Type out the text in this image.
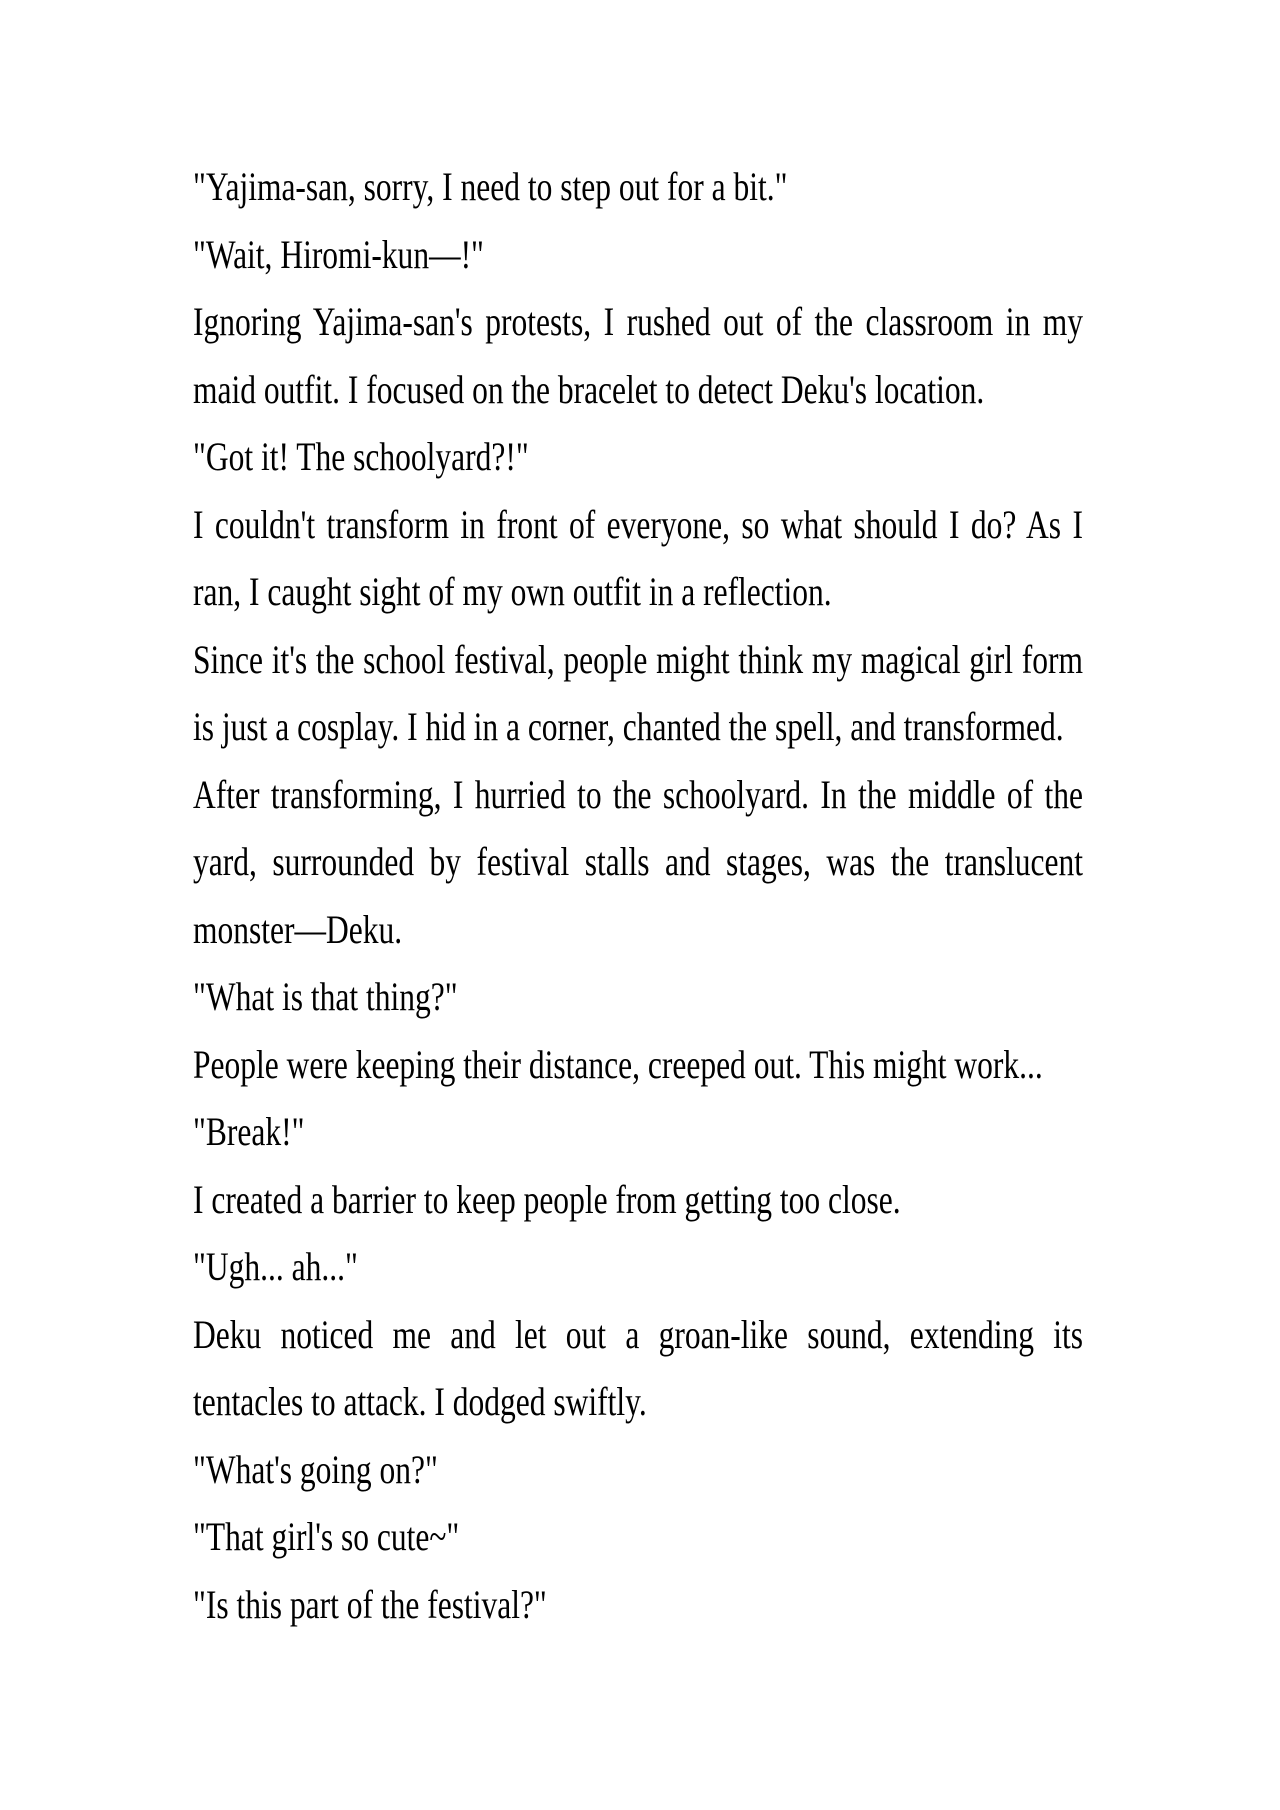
"Yajima-san, sorry, I need to step out for a bit."

"Wait, Hiromi-kun—!"

Ignoring Yajima-san's protests, I rushed out of the classroom in my maid outfit. I focused on the bracelet to detect Deku's location.

"Got it! The schoolyard?!"

I couldn't transform in front of everyone, so what should I do? As I ran, I caught sight of my own outfit in a reflection.

Since it's the school festival, people might think my magical girl form is just a cosplay. I hid in a corner, chanted the spell, and transformed.

After transforming, I hurried to the schoolyard. In the middle of the yard, surrounded by festival stalls and stages, was the translucent monster—Deku.

"What is that thing?"

People were keeping their distance, creeped out. This might work...

"Break!"

I created a barrier to keep people from getting too close.

"Ugh... ah..."

Deku noticed me and let out a groan-like sound, extending its tentacles to attack. I dodged swiftly.

"What's going on?"

"That girl's so cute~"

"Is this part of the festival?"
